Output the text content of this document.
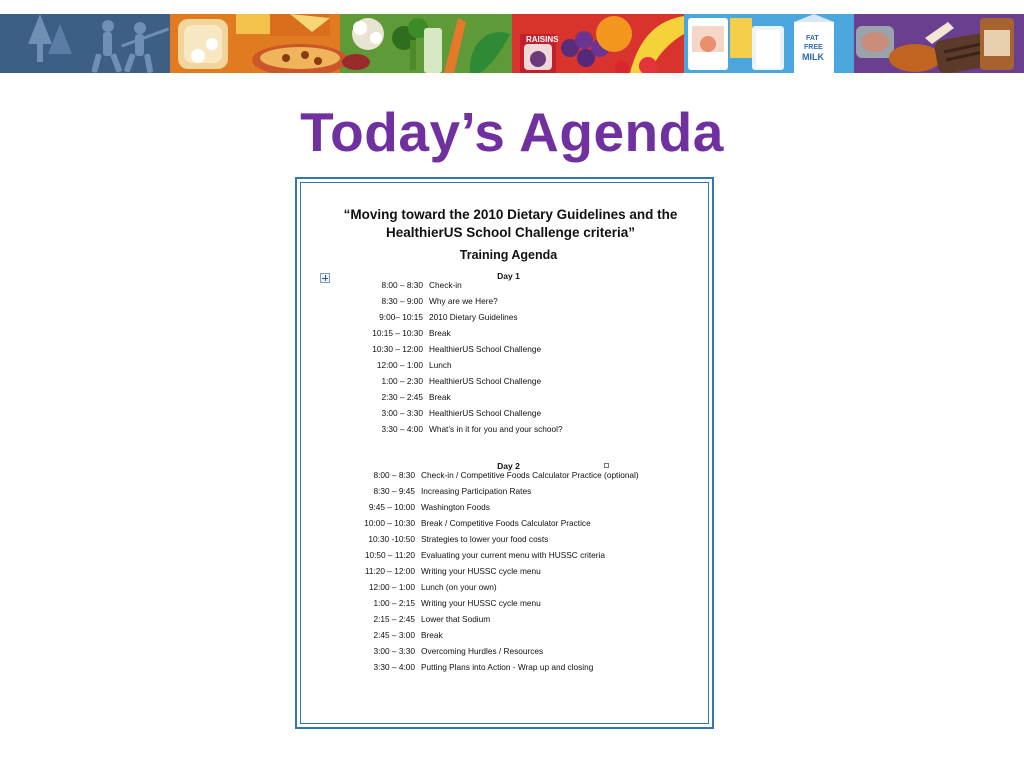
RAISINS	FAT
FREE
MILK
Today’s Agenda
“Moving toward the 2010 Dietary Guidelines and the
HealthierUS School Challenge criteria”
Training Agenda
Day 1
8:00 – 8:30 Check-in
8:30 – 9:00 Why are we Here?
9:00– 10:15 2010 Dietary Guidelines
10:15 – 10:30 Break
10:30 – 12:00 HealthierUS School Challenge
12:00 – 1:00 Lunch
1:00 – 2:30 HealthierUS School Challenge
2:30 – 2:45 Break
3:00 – 3:30 HealthierUS School Challenge
3:30 – 4:00 What’s in it for you and your school?
Day 2
8:00 – 8:30 Check-in / Competitive Foods Calculator Practice (optional)
8:30 – 9:45 Increasing Participation Rates
9:45 – 10:00 Washington Foods
10:00 – 10:30 Break / Competitive Foods Calculator Practice
10:30 -10:50 Strategies to lower your food costs
10:50 – 11:20 Evaluating your current menu with HUSSC criteria
11:20 – 12:00 Writing your HUSSC cycle menu
12:00 – 1:00 Lunch (on your own)
1:00 – 2:15 Writing your HUSSC cycle menu
2:15 – 2:45 Lower that Sodium
2:45 – 3:00 Break
3:00 – 3:30 Overcoming Hurdles / Resources
3:30 – 4:00 Putting Plans into Action - Wrap up and closing
